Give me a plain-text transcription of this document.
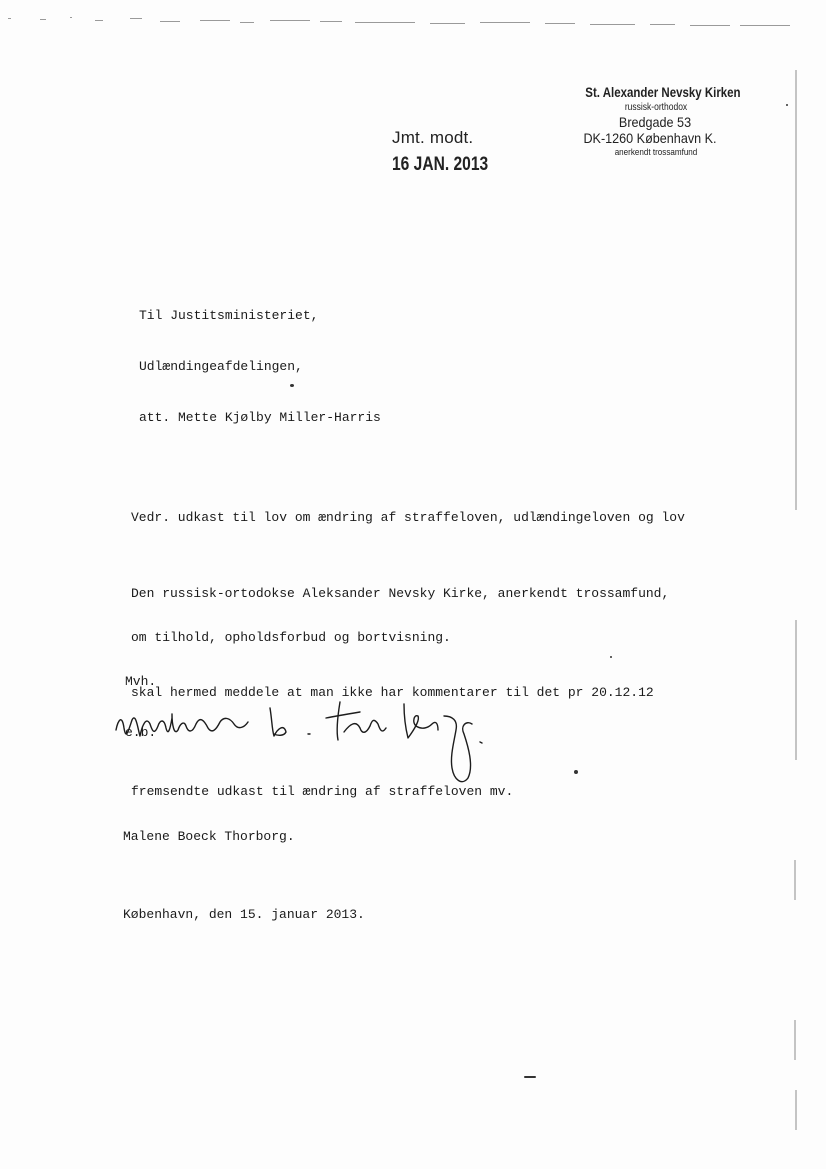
St. Alexander Nevsky Kirken
russisk-orthodox
Bredgade 53
DK-1260 København K.
anerkendt trossamfund
Jmt. modt.
16 JAN. 2013

Til Justitsministeriet,

Udlændingeafdelingen,

att. Mette Kjølby Miller-Harris

Vedr. udkast til lov om ændring af straffeloven, udlændingeloven og lov

om tilhold, opholdsforbud og bortvisning.

Den russisk-ortodokse Aleksander Nevsky Kirke, anerkendt trossamfund,

skal hermed meddele at man ikke har kommentarer til det pr 20.12.12

fremsendte udkast til ændring af straffeloven mv.

Mvh.

e.b.

Malene Boeck Thorborg.

København, den 15. januar 2013.
